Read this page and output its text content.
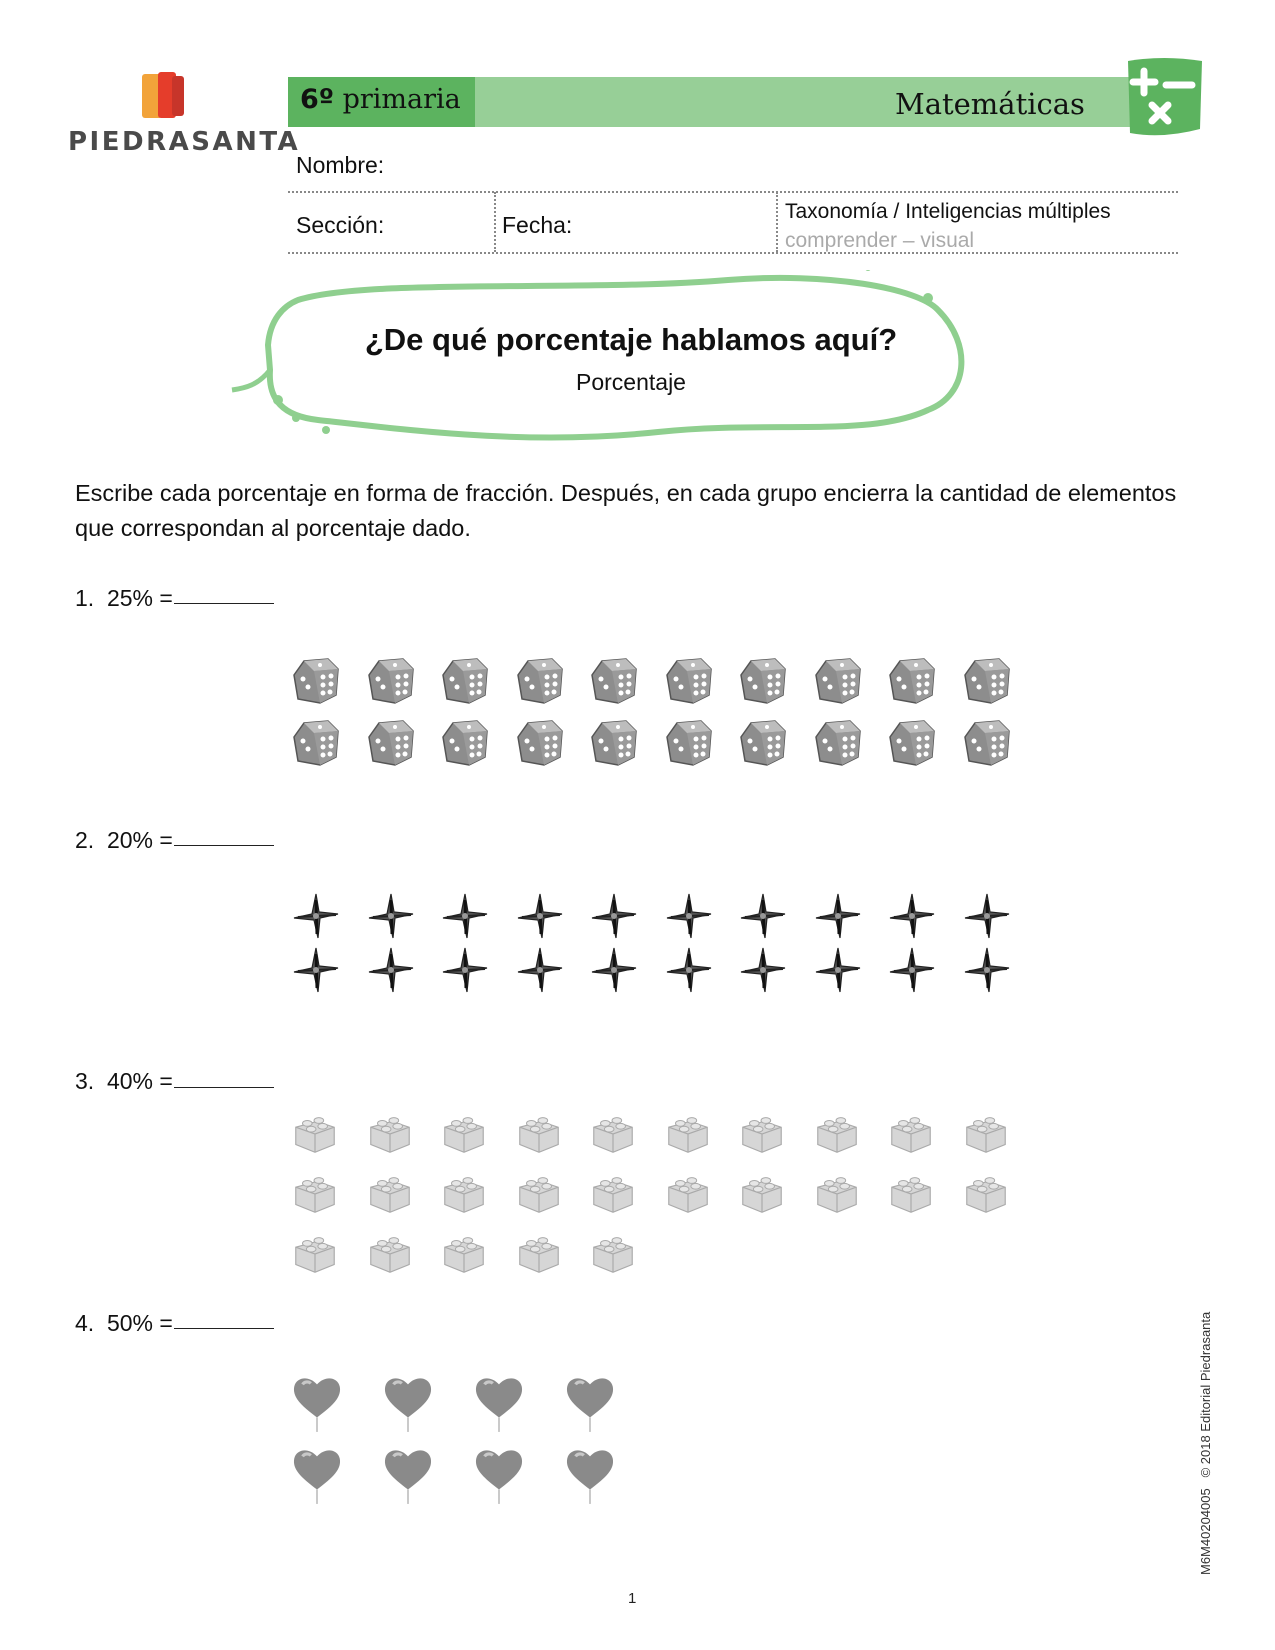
PIEDRASANTA
6º primaria	Matemáticas
Nombre:
Sección:	Fecha:
Taxonomía / Inteligencias múltiples
comprender – visual
¿De qué porcentaje hablamos aquí?
Porcentaje
Escribe cada porcentaje en forma de fracción. Después, en cada grupo encierra la cantidad de elementos que correspondan al porcentaje dado.
1. 25% =
2. 20% =
3. 40% =
4. 50% =
M6M40204005   © 2018 Editorial Piedrasanta
1
